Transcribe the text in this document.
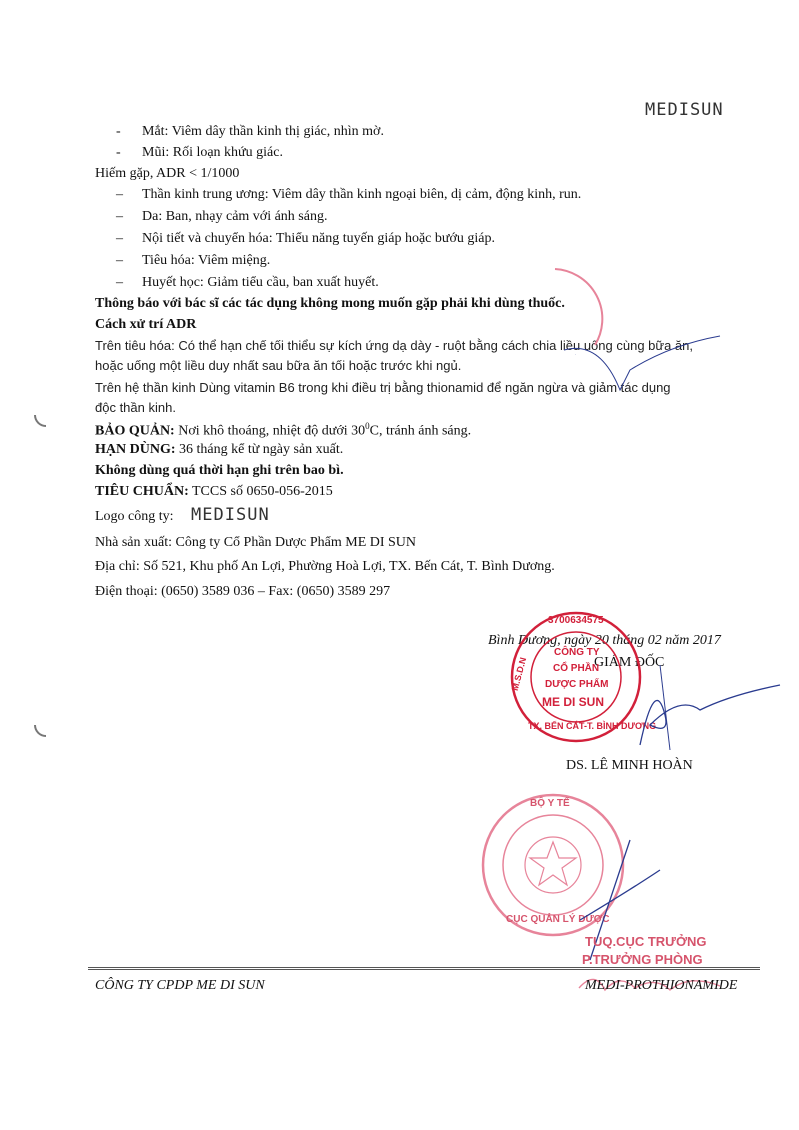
MEDISUN
- Mắt: Viêm dây thần kinh thị giác, nhìn mờ.
- Mũi: Rối loạn khứu giác.
Hiếm gặp, ADR < 1/1000
– Thần kinh trung ương: Viêm dây thần kinh ngoại biên, dị cảm, động kinh, run.
– Da: Ban, nhạy cảm với ánh sáng.
– Nội tiết và chuyển hóa: Thiểu năng tuyến giáp hoặc bướu giáp.
– Tiêu hóa: Viêm miệng.
– Huyết học: Giảm tiểu cầu, ban xuất huyết.
Thông báo với bác sĩ các tác dụng không mong muốn gặp phải khi dùng thuốc.
Cách xử trí ADR
Trên tiêu hóa: Có thể hạn chế tối thiểu sự kích ứng dạ dày - ruột bằng cách chia liều uống cùng bữa ăn,
hoặc uống một liều duy nhất sau bữa ăn tối hoặc trước khi ngủ.
Trên hệ thần kinh Dùng vitamin B6 trong khi điều trị bằng thionamid để ngăn ngừa và giảm tác dụng
độc thần kinh.
BẢO QUẢN: Nơi khô thoáng, nhiệt độ dưới $30^0C$, tránh ánh sáng.
HẠN DÙNG: 36 tháng kể từ ngày sản xuất.
Không dùng quá thời hạn ghi trên bao bì.
TIÊU CHUẨN: TCCS số 0650-056-2015
Logo công ty: MEDISUN
Nhà sản xuất: Công ty Cổ Phần Dược Phẩm ME DI SUN
Địa chỉ: Số 521, Khu phố An Lợi, Phường Hoà Lợi, TX. Bến Cát, T. Bình Dương.
Điện thoại: (0650) 3589 036 – Fax: (0650) 3589 297
Bình Dương, ngày 20 tháng 02 năm 2017
GIÁM ĐỐC
DS. LÊ MINH HOÀN
3700634575
M.S.D.N
TX. BẾN CÁT-T. BÌNH DƯƠNG
CÔNG TY
CỔ PHẦN
DƯỢC PHẨM
ME DI SUN
BỘ Y TẾ
CỤC QUẢN LÝ DƯỢC
TUQ.CỤC TRƯỞNG
P.TRƯỞNG PHÒNG
CÔNG TY CPDP ME DI SUN	MEDI-PROTHIONAMIDE
